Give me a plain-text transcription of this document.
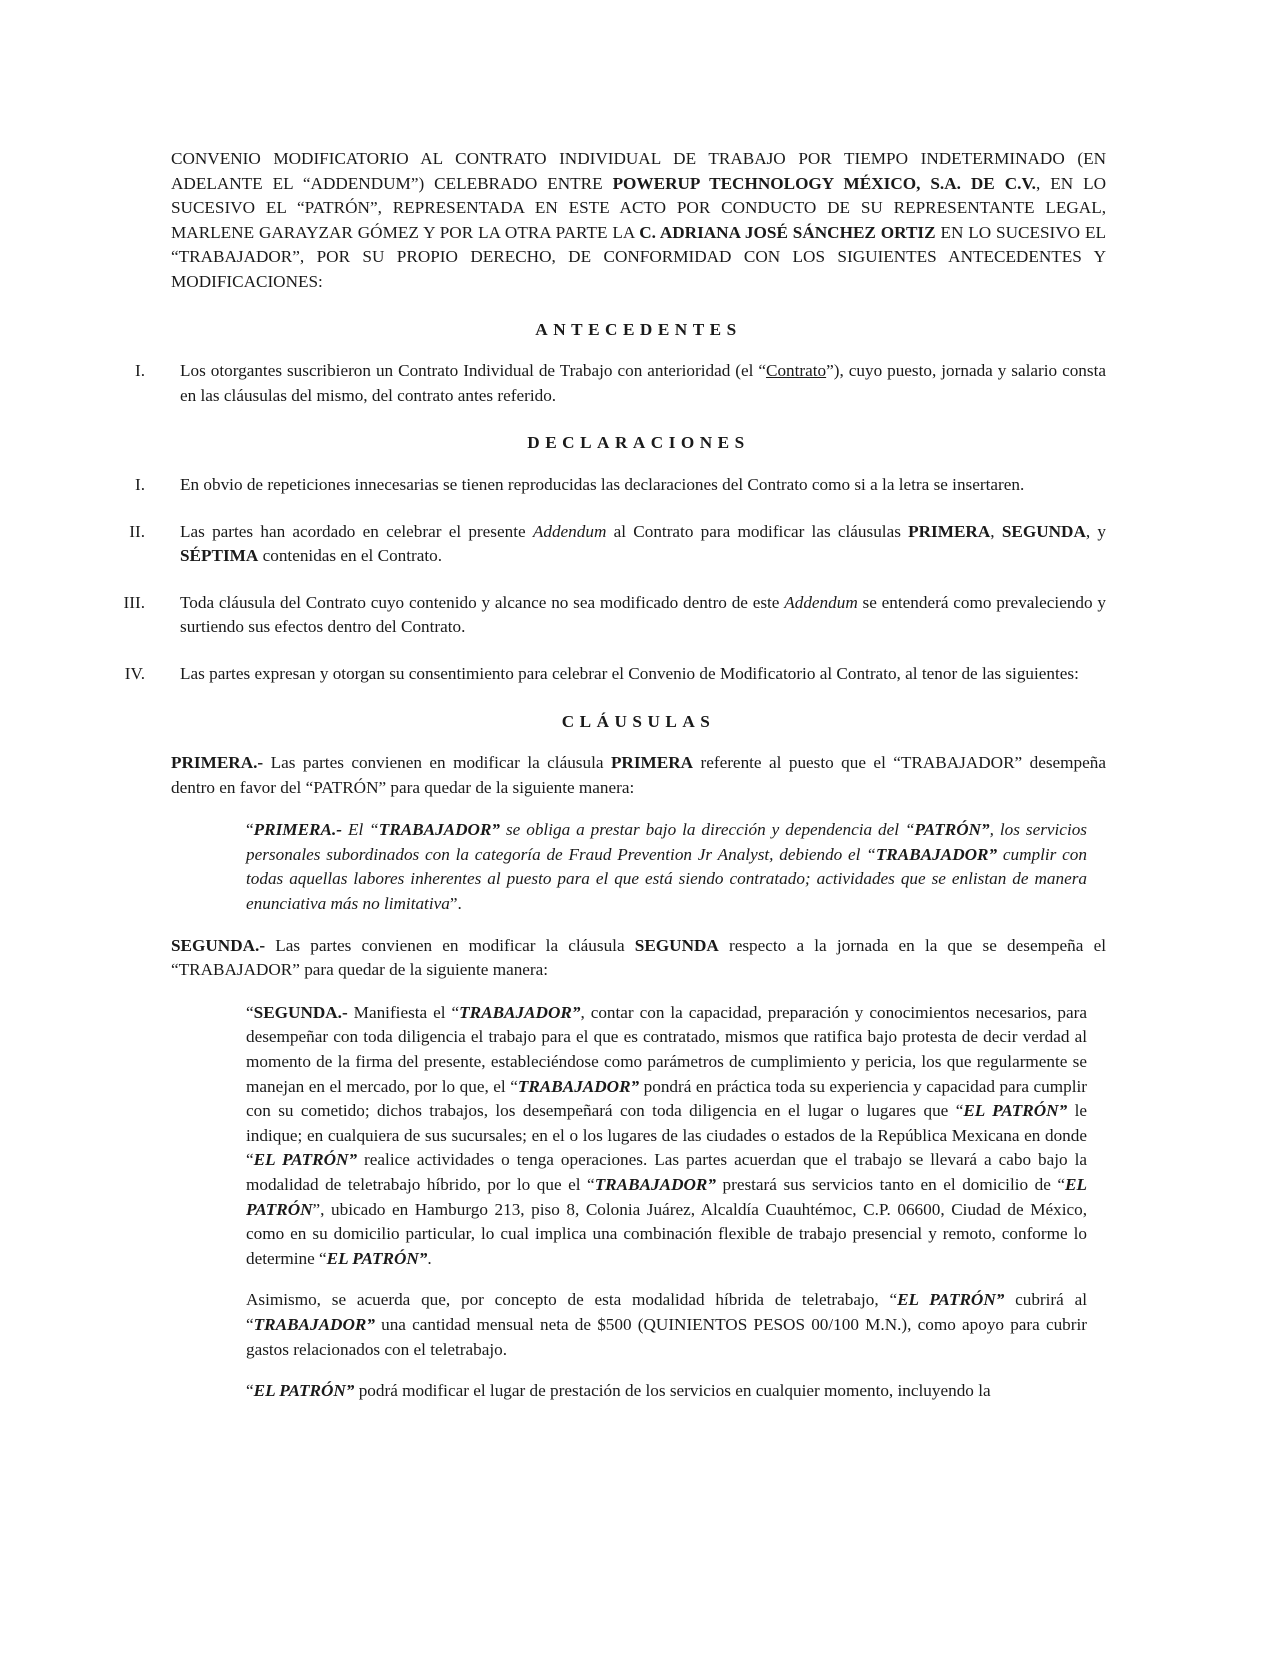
CONVENIO MODIFICATORIO AL CONTRATO INDIVIDUAL DE TRABAJO POR TIEMPO INDETERMINADO (EN ADELANTE EL “ADDENDUM”) CELEBRADO ENTRE POWERUP TECHNOLOGY MÉXICO, S.A. DE C.V., EN LO SUCESIVO EL “PATRÓN”, REPRESENTADA EN ESTE ACTO POR CONDUCTO DE SU REPRESENTANTE LEGAL, MARLENE GARAYZAR GÓMEZ Y POR LA OTRA PARTE LA C. ADRIANA JOSÉ SÁNCHEZ ORTIZ EN LO SUCESIVO EL “TRABAJADOR”, POR SU PROPIO DERECHO, DE CONFORMIDAD CON LOS SIGUIENTES ANTECEDENTES Y MODIFICACIONES:

ANTECEDENTES
I. Los otorgantes suscribieron un Contrato Individual de Trabajo con anterioridad (el “Contrato”), cuyo puesto, jornada y salario consta en las cláusulas del mismo, del contrato antes referido.
DECLARACIONES
I. En obvio de repeticiones innecesarias se tienen reproducidas las declaraciones del Contrato como si a la letra se insertaren.
II. Las partes han acordado en celebrar el presente Addendum al Contrato para modificar las cláusulas PRIMERA, SEGUNDA, y SÉPTIMA contenidas en el Contrato.
III. Toda cláusula del Contrato cuyo contenido y alcance no sea modificado dentro de este Addendum se entenderá como prevaleciendo y surtiendo sus efectos dentro del Contrato.
IV. Las partes expresan y otorgan su consentimiento para celebrar el Convenio de Modificatorio al Contrato, al tenor de las siguientes:
CLÁUSULAS

PRIMERA.- Las partes convienen en modificar la cláusula PRIMERA referente al puesto que el “TRABAJADOR” desempeña dentro en favor del “PATRÓN” para quedar de la siguiente manera:

“PRIMERA.- El “TRABAJADOR” se obliga a prestar bajo la dirección y dependencia del “PATRÓN”, los servicios personales subordinados con la categoría de Fraud Prevention Jr Analyst, debiendo el “TRABAJADOR” cumplir con todas aquellas labores inherentes al puesto para el que está siendo contratado; actividades que se enlistan de manera enunciativa más no limitativa”.

SEGUNDA.- Las partes convienen en modificar la cláusula SEGUNDA respecto a la jornada en la que se desempeña el “TRABAJADOR” para quedar de la siguiente manera:

“SEGUNDA.- Manifiesta el “TRABAJADOR”, contar con la capacidad, preparación y conocimientos necesarios, para desempeñar con toda diligencia el trabajo para el que es contratado, mismos que ratifica bajo protesta de decir verdad al momento de la firma del presente, estableciéndose como parámetros de cumplimiento y pericia, los que regularmente se manejan en el mercado, por lo que, el “TRABAJADOR” pondrá en práctica toda su experiencia y capacidad para cumplir con su cometido; dichos trabajos, los desempeñará con toda diligencia en el lugar o lugares que “EL PATRÓN” le indique; en cualquiera de sus sucursales; en el o los lugares de las ciudades o estados de la República Mexicana en donde “EL PATRÓN” realice actividades o tenga operaciones. Las partes acuerdan que el trabajo se llevará a cabo bajo la modalidad de teletrabajo híbrido, por lo que el “TRABAJADOR” prestará sus servicios tanto en el domicilio de “EL PATRÓN”, ubicado en Hamburgo 213, piso 8, Colonia Juárez, Alcaldía Cuauhtémoc, C.P. 06600, Ciudad de México, como en su domicilio particular, lo cual implica una combinación flexible de trabajo presencial y remoto, conforme lo determine “EL PATRÓN”.

Asimismo, se acuerda que, por concepto de esta modalidad híbrida de teletrabajo, “EL PATRÓN” cubrirá al “TRABAJADOR” una cantidad mensual neta de $500 (QUINIENTOS PESOS 00/100 M.N.), como apoyo para cubrir gastos relacionados con el teletrabajo.

“EL PATRÓN” podrá modificar el lugar de prestación de los servicios en cualquier momento, incluyendo la
